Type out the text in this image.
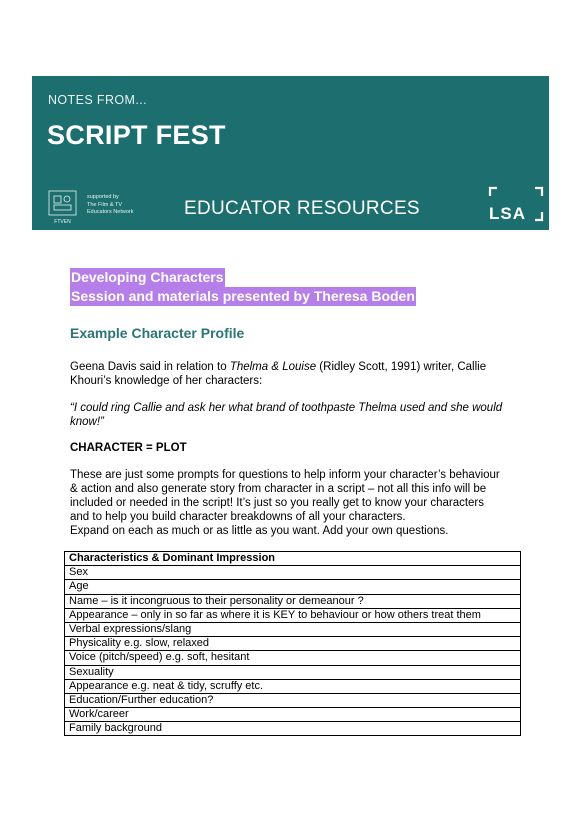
NOTES FROM...
SCRIPT FEST
FTVEN
supported by
The Film & TV
Educators Network	EDUCATOR RESOURCES	LSA
Developing Characters
Session and materials presented by Theresa Boden
Example Character Profile

Geena Davis said in relation to Thelma & Louise (Ridley Scott, 1991) writer, Callie Khouri’s knowledge of her characters:

“I could ring Callie and ask her what brand of toothpaste Thelma used and she would know!”

CHARACTER = PLOT

These are just some prompts for questions to help inform your character’s behaviour
& action and also generate story from character in a script – not all this info will be
included or needed in the script! It’s just so you really get to know your characters
and to help you build character breakdowns of all your characters.
Expand on each as much or as little as you want. Add your own questions.
Characteristics & Dominant Impression
Sex
Age
Name – is it incongruous to their personality or demeanour ?
Appearance – only in so far as where it is KEY to behaviour or how others treat them
Verbal expressions/slang
Physicality e.g. slow, relaxed
Voice (pitch/speed) e.g. soft, hesitant
Sexuality
Appearance e.g. neat & tidy, scruffy etc.
Education/Further education?
Work/career
Family background
